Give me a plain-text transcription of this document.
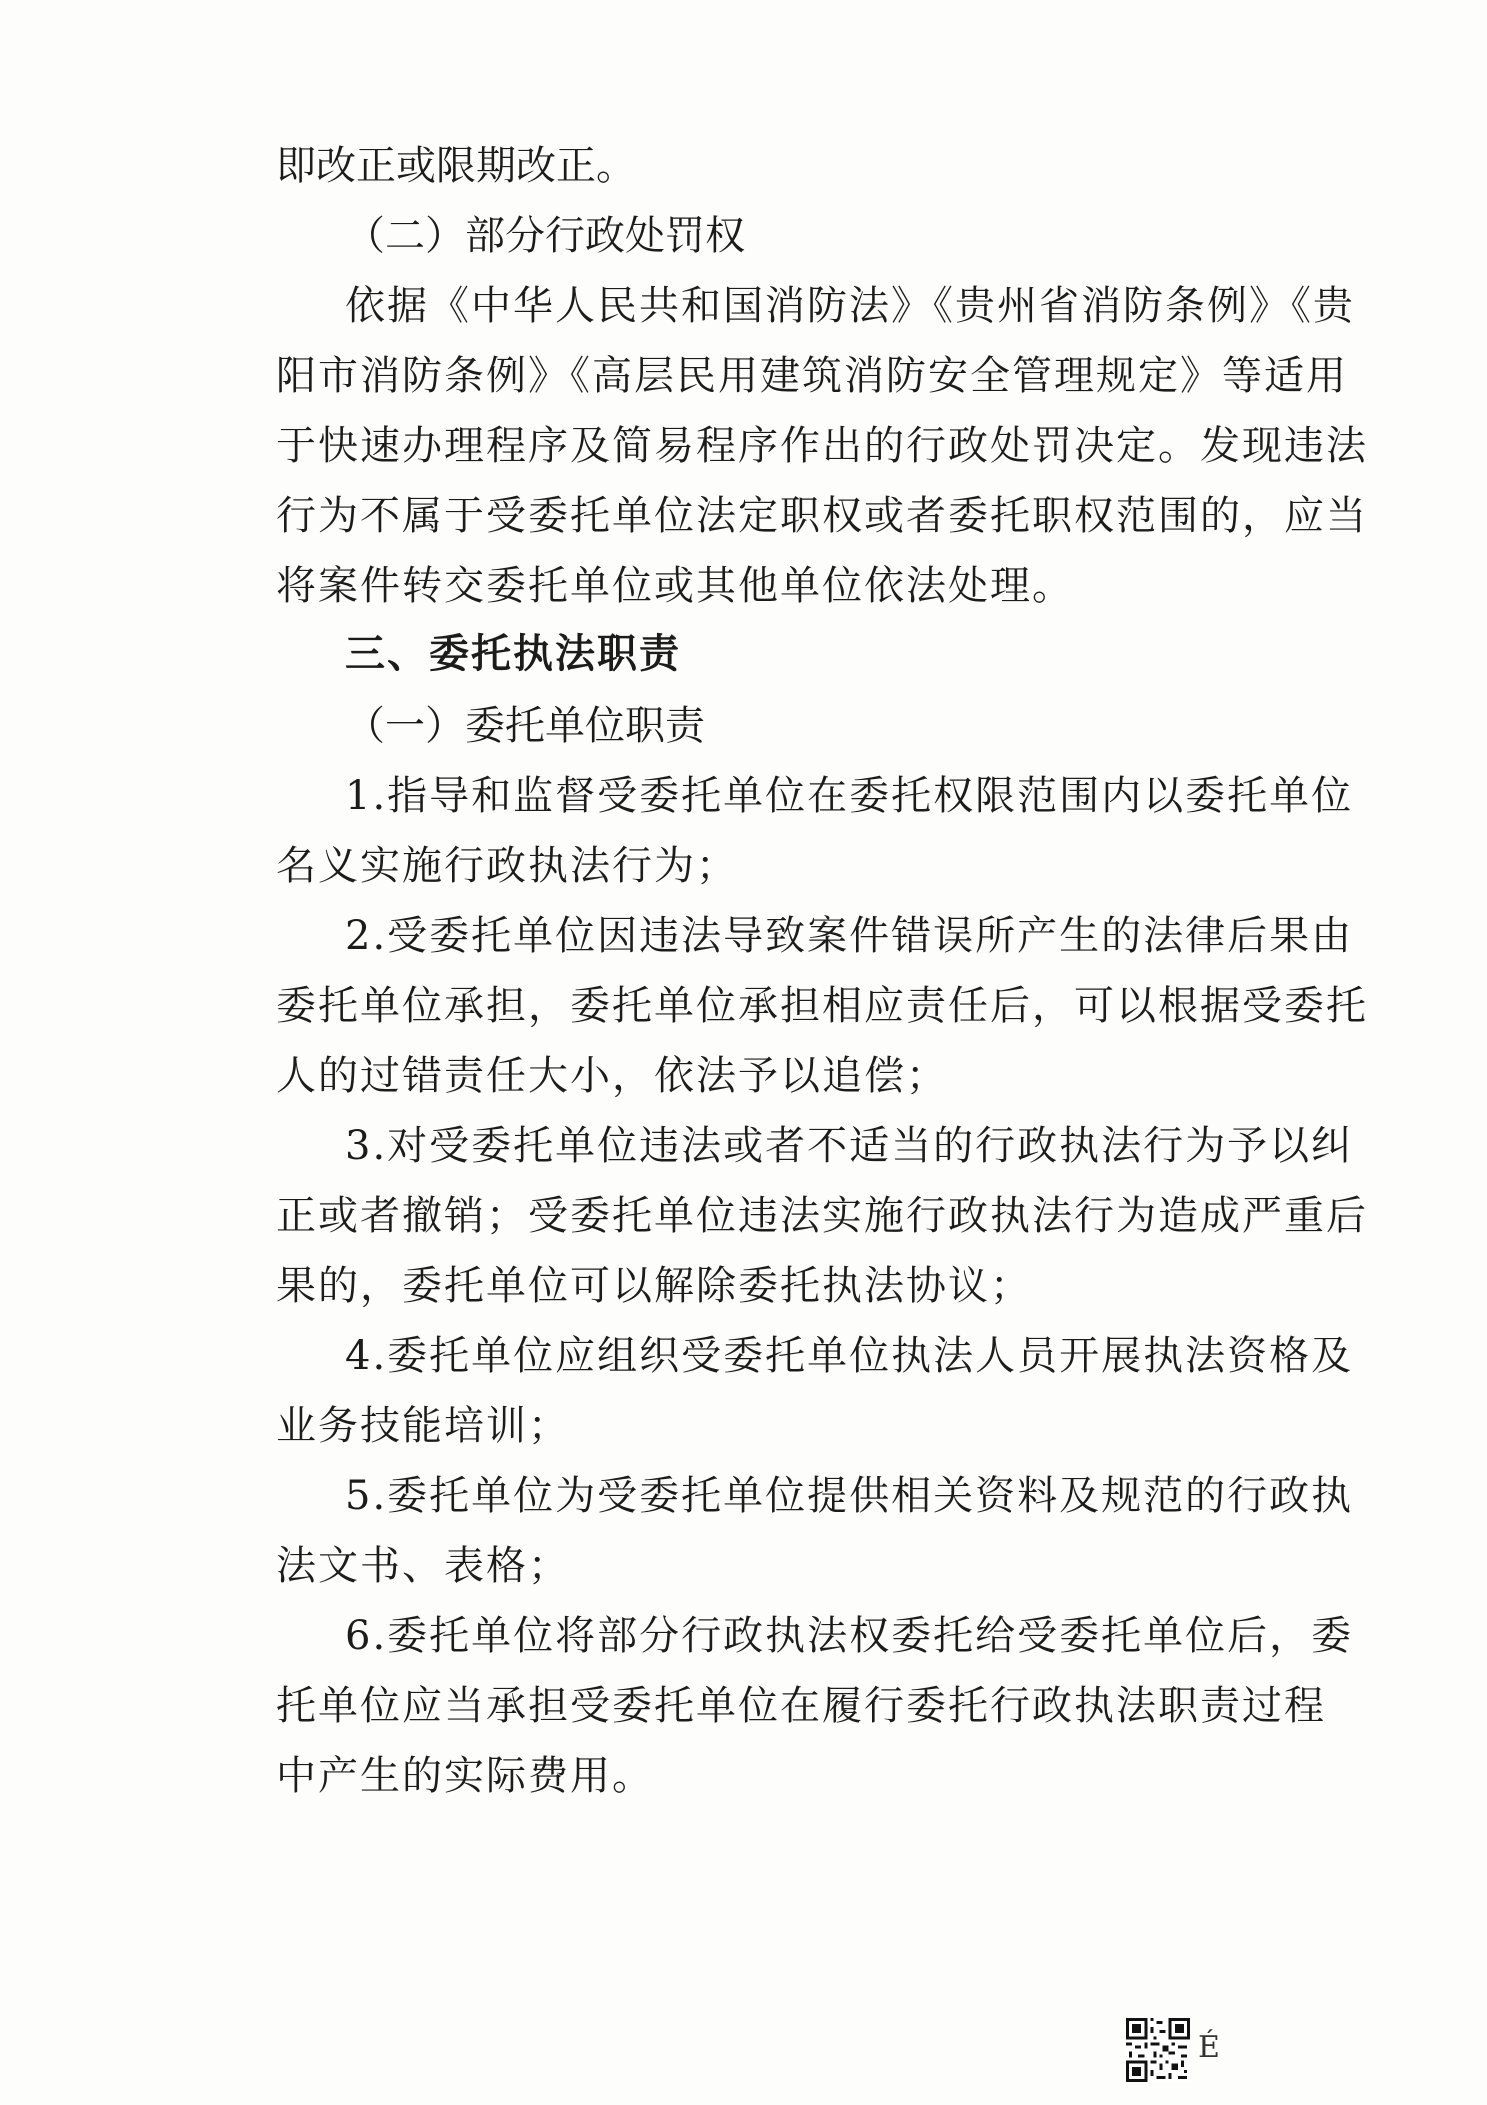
即改正或限期改正。
（二）部分行政处罚权
依据《中华人民共和国消防法》《贵州省消防条例》《贵
阳市消防条例》《高层民用建筑消防安全管理规定》等适用
于快速办理程序及简易程序作出的行政处罚决定。发现违法
行为不属于受委托单位法定职权或者委托职权范围的，应当
将案件转交委托单位或其他单位依法处理。
三、委托执法职责
（一）委托单位职责
1.指导和监督受委托单位在委托权限范围内以委托单位
名义实施行政执法行为；
2.受委托单位因违法导致案件错误所产生的法律后果由
委托单位承担，委托单位承担相应责任后，可以根据受委托
人的过错责任大小，依法予以追偿；
3.对受委托单位违法或者不适当的行政执法行为予以纠
正或者撤销；受委托单位违法实施行政执法行为造成严重后
果的，委托单位可以解除委托执法协议；
4.委托单位应组织受委托单位执法人员开展执法资格及
业务技能培训；
5.委托单位为受委托单位提供相关资料及规范的行政执
法文书、表格；
6.委托单位将部分行政执法权委托给受委托单位后，委
托单位应当承担受委托单位在履行委托行政执法职责过程
中产生的实际费用。
É
